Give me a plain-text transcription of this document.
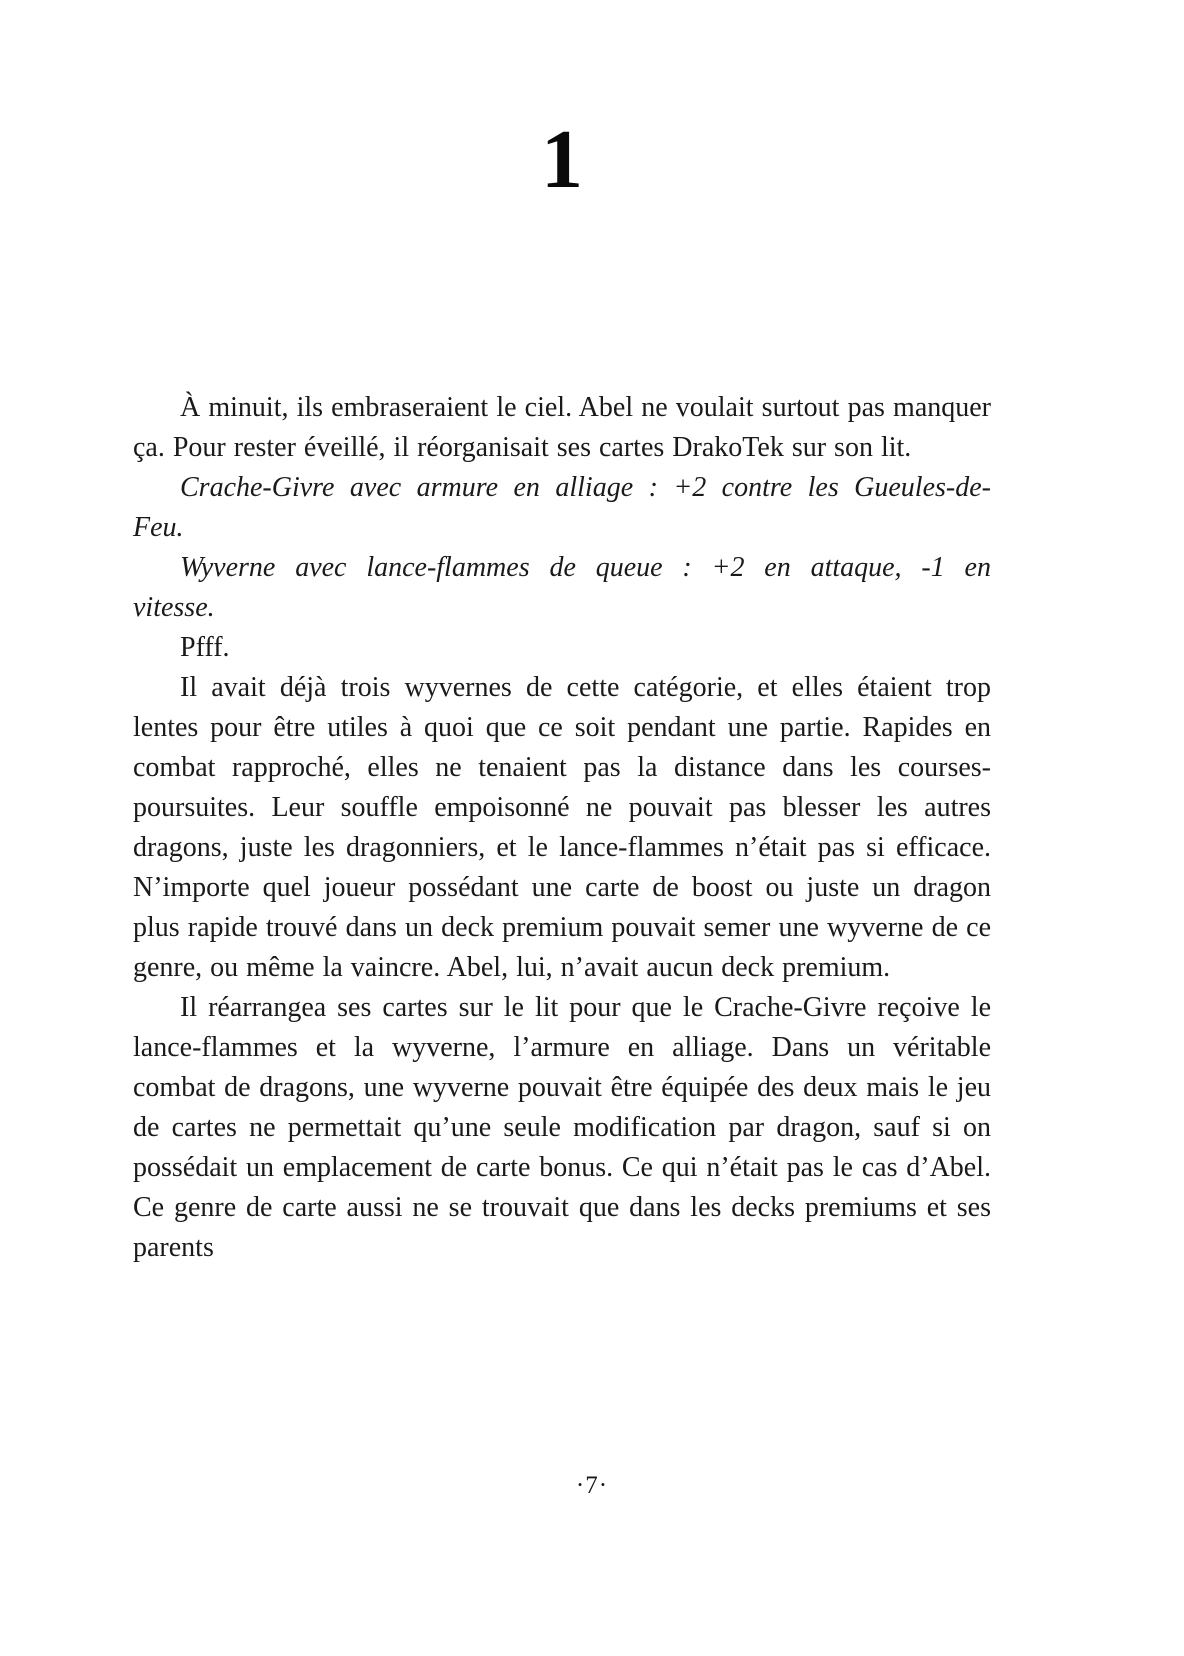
1

À minuit, ils embraseraient le ciel. Abel ne voulait surtout pas manquer ça. Pour rester éveillé, il réorganisait ses cartes DrakoTek sur son lit.

Crache-Givre avec armure en alliage : +2 contre les Gueules-de-Feu.

Wyverne avec lance-flammes de queue : +2 en attaque, -1 en vitesse.

Pfff.

Il avait déjà trois wyvernes de cette catégorie, et elles étaient trop lentes pour être utiles à quoi que ce soit pendant une partie. Rapides en combat rapproché, elles ne tenaient pas la distance dans les courses-poursuites. Leur souffle empoisonné ne pouvait pas blesser les autres dragons, juste les dragonniers, et le lance-flammes n’était pas si efficace. N’importe quel joueur possédant une carte de boost ou juste un dragon plus rapide trouvé dans un deck premium pouvait semer une wyverne de ce genre, ou même la vaincre. Abel, lui, n’avait aucun deck premium.

Il réarrangea ses cartes sur le lit pour que le Crache-Givre reçoive le lance-flammes et la wyverne, l’armure en alliage. Dans un véritable combat de dragons, une wyverne pouvait être équipée des deux mais le jeu de cartes ne permettait qu’une seule modification par dragon, sauf si on possédait un emplacement de carte bonus. Ce qui n’était pas le cas d’Abel. Ce genre de carte aussi ne se trouvait que dans les decks premiums et ses parents

·7·
